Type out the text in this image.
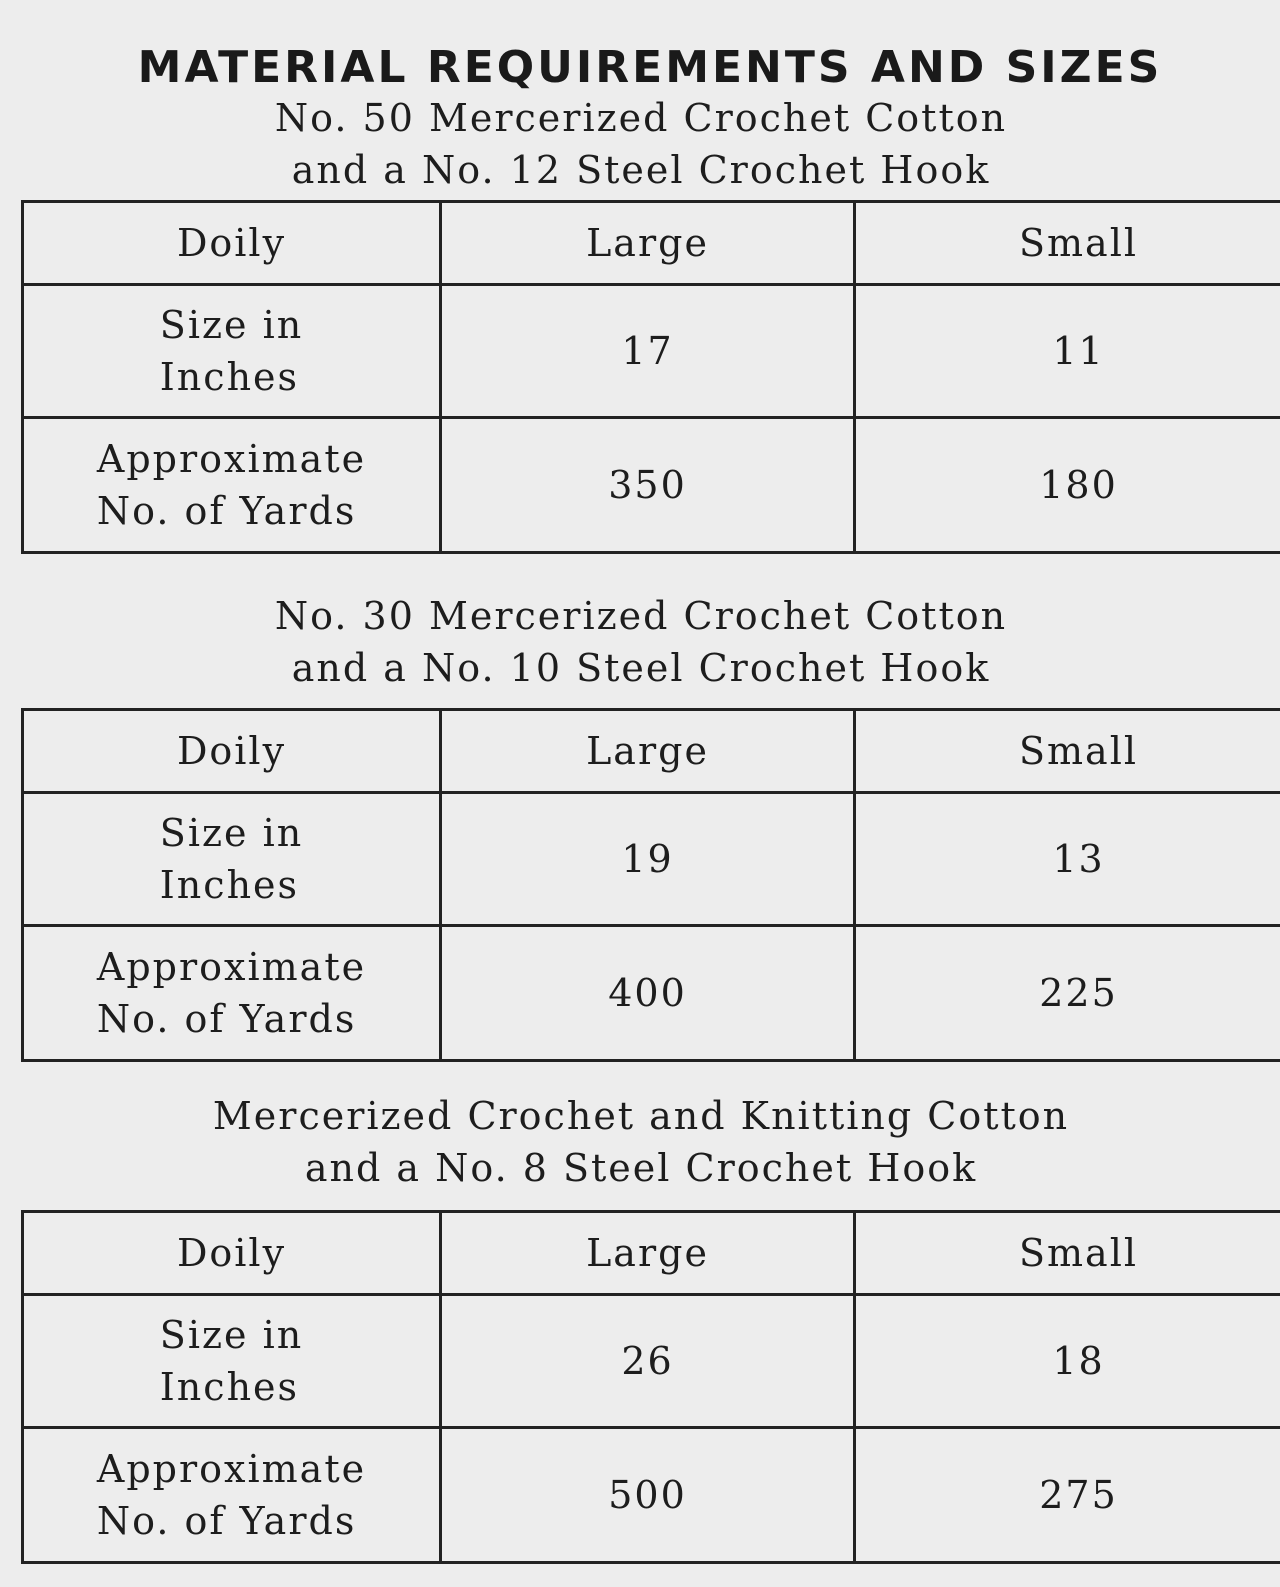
MATERIAL REQUIREMENTS AND SIZES
No. 50 Mercerized Crochet Cotton
and a No. 12 Steel Crochet Hook
Doily	Large	Small

Size in
Inches	17	11

Approximate
No. of Yards	350	180
No. 30 Mercerized Crochet Cotton
and a No. 10 Steel Crochet Hook
Doily	Large	Small

Size in
Inches	19	13

Approximate
No. of Yards	400	225
Mercerized Crochet and Knitting Cotton
and a No. 8 Steel Crochet Hook
Doily	Large	Small

Size in
Inches	26	18

Approximate
No. of Yards	500	275
